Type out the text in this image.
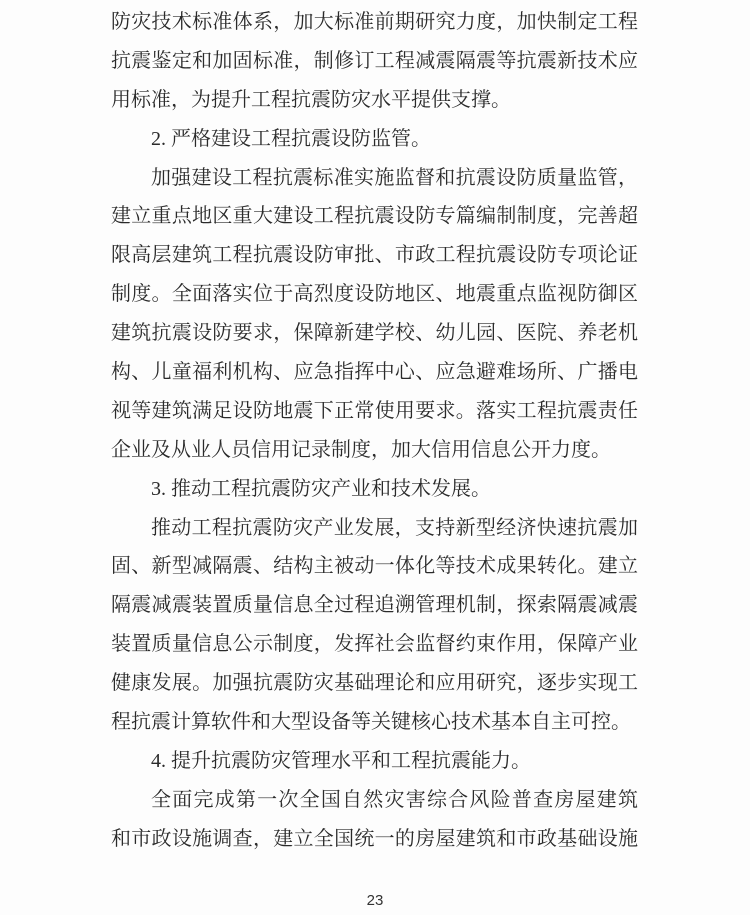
防灾技术标准体系，加大标准前期研究力度，加快制定工程
抗震鉴定和加固标准，制修订工程减震隔震等抗震新技术应
用标准，为提升工程抗震防灾水平提供支撑。
2. 严格建设工程抗震设防监管。
加强建设工程抗震标准实施监督和抗震设防质量监管，
建立重点地区重大建设工程抗震设防专篇编制制度，完善超
限高层建筑工程抗震设防审批、市政工程抗震设防专项论证
制度。全面落实位于高烈度设防地区、地震重点监视防御区
建筑抗震设防要求，保障新建学校、幼儿园、医院、养老机
构、儿童福利机构、应急指挥中心、应急避难场所、广播电
视等建筑满足设防地震下正常使用要求。落实工程抗震责任
企业及从业人员信用记录制度，加大信用信息公开力度。
3. 推动工程抗震防灾产业和技术发展。
推动工程抗震防灾产业发展，支持新型经济快速抗震加
固、新型减隔震、结构主被动一体化等技术成果转化。建立
隔震减震装置质量信息全过程追溯管理机制，探索隔震减震
装置质量信息公示制度，发挥社会监督约束作用，保障产业
健康发展。加强抗震防灾基础理论和应用研究，逐步实现工
程抗震计算软件和大型设备等关键核心技术基本自主可控。
4. 提升抗震防灾管理水平和工程抗震能力。
全面完成第一次全国自然灾害综合风险普查房屋建筑
和市政设施调查，建立全国统一的房屋建筑和市政基础设施
23
